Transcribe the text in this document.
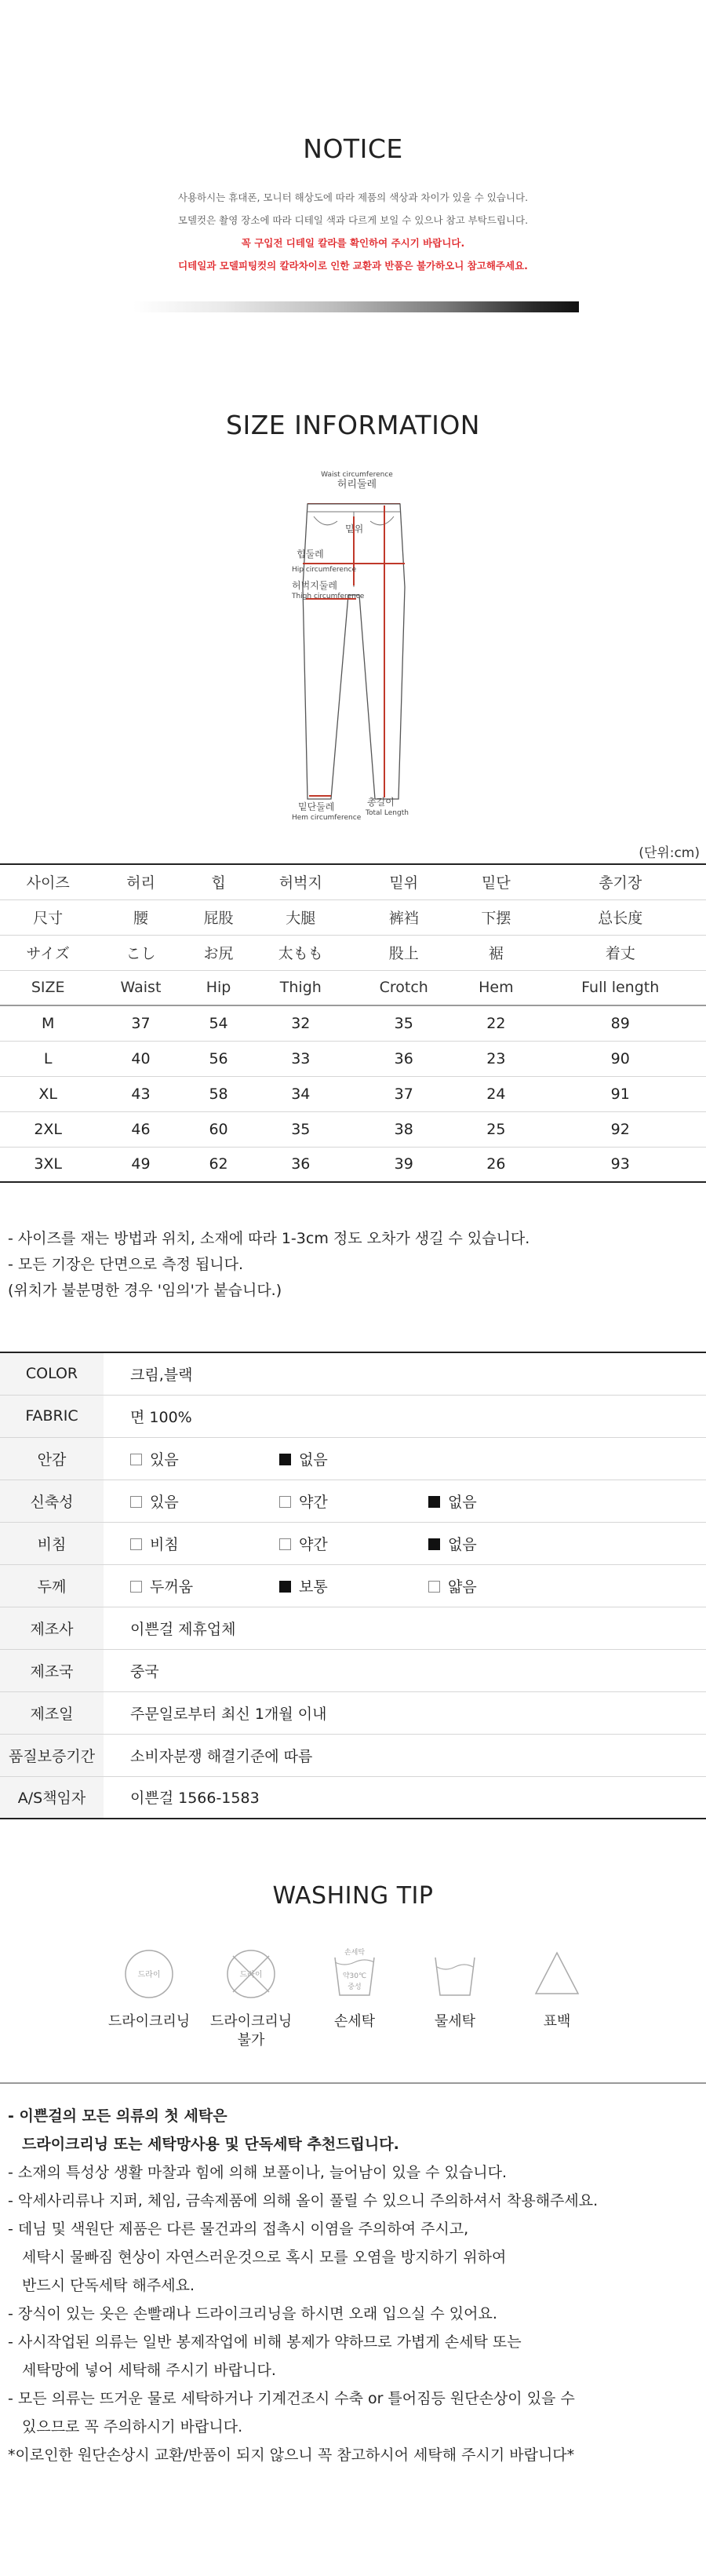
NOTICE
사용하시는 휴대폰, 모니터 해상도에 따라 제품의 색상과 차이가 있을 수 있습니다.
모델컷은 촬영 장소에 따라 디테일 색과 다르게 보일 수 있으나 참고 부탁드립니다.
꼭 구입전 디테일 칼라를 확인하여 주시기 바랍니다.
디테일과 모델피팅컷의 칼라차이로 인한 교환과 반품은 불가하오니 참고해주세요.
SIZE INFORMATION
Waist circumference
허리둘레
밑위
힙둘레
Hip circumference
허벅지둘레
Thigh circumference
밑단둘레
Hem circumference
총길이
Total Length
(단위:cm)
사이즈	허리	힙	허벅지	밑위	밑단	총기장
尺寸	腰	屁股	大腿	裤裆	下摆	总长度
サイズ	こし	お尻	太もも	股上	裾	着丈
SIZE	Waist	Hip	Thigh	Crotch	Hem	Full length
M	37	54	32	35	22	89
L	40	56	33	36	23	90
XL	43	58	34	37	24	91
2XL	46	60	35	38	25	92
3XL	49	62	36	39	26	93
- 사이즈를 재는 방법과 위치, 소재에 따라 1-3cm 정도 오차가 생길 수 있습니다.
- 모든 기장은 단면으로 측정 됩니다.
(위치가 불분명한 경우 '임의'가 붙습니다.)
COLOR	크림,블랙
FABRIC	면 100%
안감	있음 없음
신축성	있음 약간 없음
비침	비침 약간 없음
두께	두꺼움 보통 얇음
제조사	이쁜걸 제휴업체
제조국	중국
제조일	주문일로부터 최신 1개월 이내
품질보증기간	소비자분쟁 해결기준에 따름
A/S책임자	이쁜걸 1566-1583
WASHING TIP
드라이
드라이크리닝
드라이
드라이크리닝 불가
손세탁
약30℃
중성
손세탁	물세탁	표백
- 이쁜걸의 모든 의류의 첫 세탁은
드라이크리닝 또는 세탁망사용 및 단독세탁 추천드립니다.
- 소재의 특성상 생활 마찰과 힘에 의해 보풀이나, 늘어남이 있을 수 있습니다.
- 악세사리류나 지퍼, 체임, 금속제품에 의해 올이 풀릴 수 있으니 주의하셔서 착용해주세요.
- 데님 및 색원단 제품은 다른 물건과의 접촉시 이염을 주의하여 주시고,
세탁시 물빠짐 현상이 자연스러운것으로 혹시 모를 오염을 방지하기 위하여
반드시 단독세탁 해주세요.
- 장식이 있는 옷은 손빨래나 드라이크리닝을 하시면 오래 입으실 수 있어요.
- 사시작업된 의류는 일반 봉제작업에 비해 봉제가 약하므로 가볍게 손세탁 또는
세탁망에 넣어 세탁해 주시기 바랍니다.
- 모든 의류는 뜨거운 물로 세탁하거나 기계건조시 수축 or 틀어짐등 원단손상이 있을 수
있으므로 꼭 주의하시기 바랍니다.
*이로인한 원단손상시 교환/반품이 되지 않으니 꼭 참고하시어 세탁해 주시기 바랍니다*
